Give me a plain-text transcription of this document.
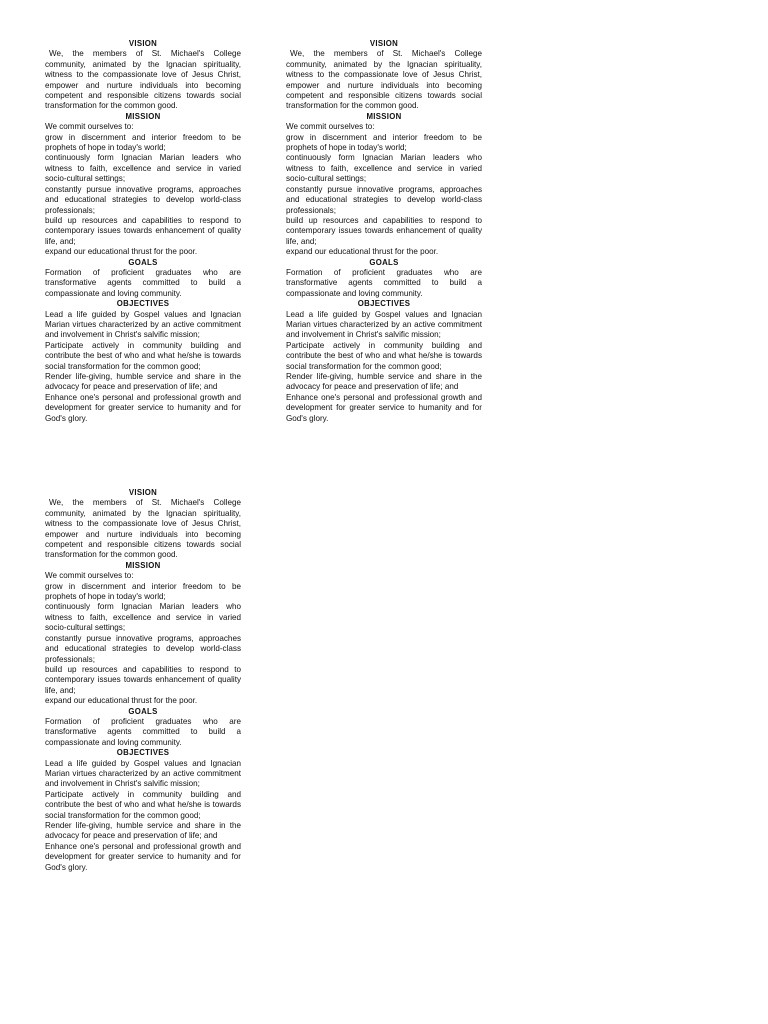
VISION
We, the members of St. Michael's College community, animated by the Ignacian spirituality, witness to the compassionate love of Jesus Christ, empower and nurture individuals into becoming competent and responsible citizens towards social transformation for the common good.
MISSION
We commit ourselves to:
grow in discernment and interior freedom to be prophets of hope in today's world;
continuously form Ignacian Marian leaders who witness to faith, excellence and service in varied socio-cultural settings;
constantly pursue innovative programs, approaches and educational strategies to develop world-class professionals;
build up resources and capabilities to respond to contemporary issues towards enhancement of quality life, and;
expand our educational thrust for the poor.
GOALS
Formation of proficient graduates who are transformative agents committed to build a compassionate and loving community.
OBJECTIVES
Lead a life guided by Gospel values and Ignacian Marian virtues characterized by an active commitment and involvement in Christ's salvific mission;
Participate actively in community building and contribute the best of who and what he/she is towards social transformation for the common good;
Render life-giving, humble service and share in the advocacy for peace and preservation of life; and
Enhance one's personal and professional growth and development for greater service to humanity and for God's glory.
VISION
We, the members of St. Michael's College community, animated by the Ignacian spirituality, witness to the compassionate love of Jesus Christ, empower and nurture individuals into becoming competent and responsible citizens towards social transformation for the common good.
MISSION
We commit ourselves to:
grow in discernment and interior freedom to be prophets of hope in today's world;
continuously form Ignacian Marian leaders who witness to faith, excellence and service in varied socio-cultural settings;
constantly pursue innovative programs, approaches and educational strategies to develop world-class professionals;
build up resources and capabilities to respond to contemporary issues towards enhancement of quality life, and;
expand our educational thrust for the poor.
GOALS
Formation of proficient graduates who are transformative agents committed to build a compassionate and loving community.
OBJECTIVES
Lead a life guided by Gospel values and Ignacian Marian virtues characterized by an active commitment and involvement in Christ's salvific mission;
Participate actively in community building and contribute the best of who and what he/she is towards social transformation for the common good;
Render life-giving, humble service and share in the advocacy for peace and preservation of life; and
Enhance one's personal and professional growth and development for greater service to humanity and for God's glory.
VISION
We, the members of St. Michael's College community, animated by the Ignacian spirituality, witness to the compassionate love of Jesus Christ, empower and nurture individuals into becoming competent and responsible citizens towards social transformation for the common good.
MISSION
We commit ourselves to:
grow in discernment and interior freedom to be prophets of hope in today's world;
continuously form Ignacian Marian leaders who witness to faith, excellence and service in varied socio-cultural settings;
constantly pursue innovative programs, approaches and educational strategies to develop world-class professionals;
build up resources and capabilities to respond to contemporary issues towards enhancement of quality life, and;
expand our educational thrust for the poor.
GOALS
Formation of proficient graduates who are transformative agents committed to build a compassionate and loving community.
OBJECTIVES
Lead a life guided by Gospel values and Ignacian Marian virtues characterized by an active commitment and involvement in Christ's salvific mission;
Participate actively in community building and contribute the best of who and what he/she is towards social transformation for the common good;
Render life-giving, humble service and share in the advocacy for peace and preservation of life; and
Enhance one's personal and professional growth and development for greater service to humanity and for God's glory.
